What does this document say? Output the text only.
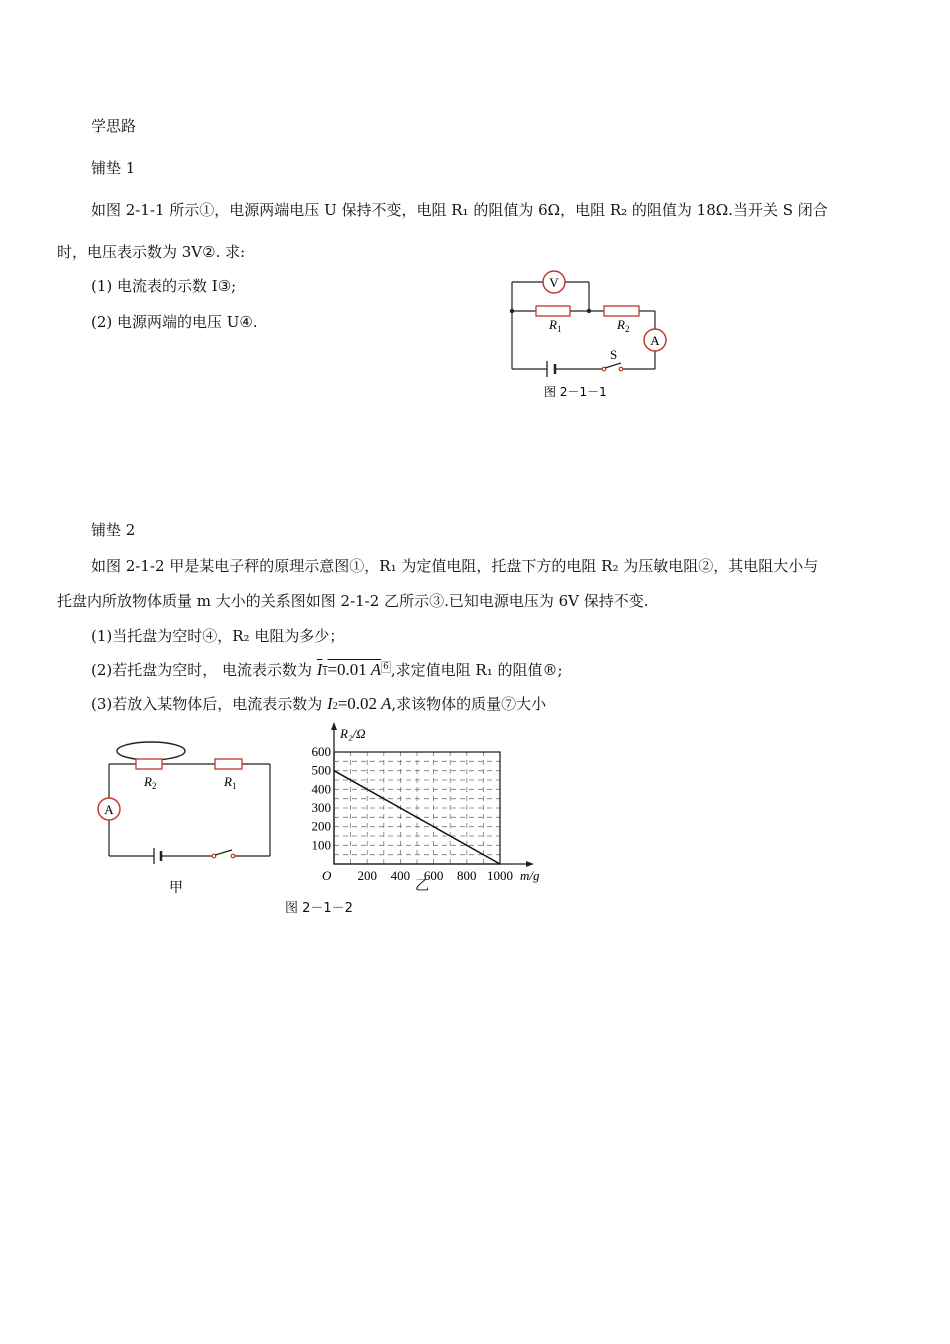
学思路
铺垫 1
如图 2-1-1 所示①，电源两端电压 U 保持不变，电阻 R₁ 的阻值为 6Ω，电阻 R₂ 的阻值为 18Ω.当开关 S 闭合
时，电压表示数为 3V②. 求:
(1) 电流表的示数 I③;
(2) 电源两端的电压 U④.
V
$R_1$	$R_2$
A
S
图 2－1－1
铺垫 2
如图 2-1-2 甲是某电子秤的原理示意图①，R₁ 为定值电阻，托盘下方的电阻 R₂ 为压敏电阻②，其电阻大小与
托盘内所放物体质量 m 大小的关系图如图 2-1-2 乙所示③.已知电源电压为 6V 保持不变.
(1)当托盘为空时④，R₂ 电阻为多少；
(2)若托盘为空时， 电流表示数为 I1=0.01 A $^6$ ,求定值电阻 R₁ 的阻值®;
(3)若放入某物体后，电流表示数为 I2=0.02 A,求该物体的质量⑦大小
$R_2$	$R_1$
A
甲
100
200
300
400
500
600
200 400 600 800 1000
R₂/Ω
m/g
O
乙
图 2－1－2
